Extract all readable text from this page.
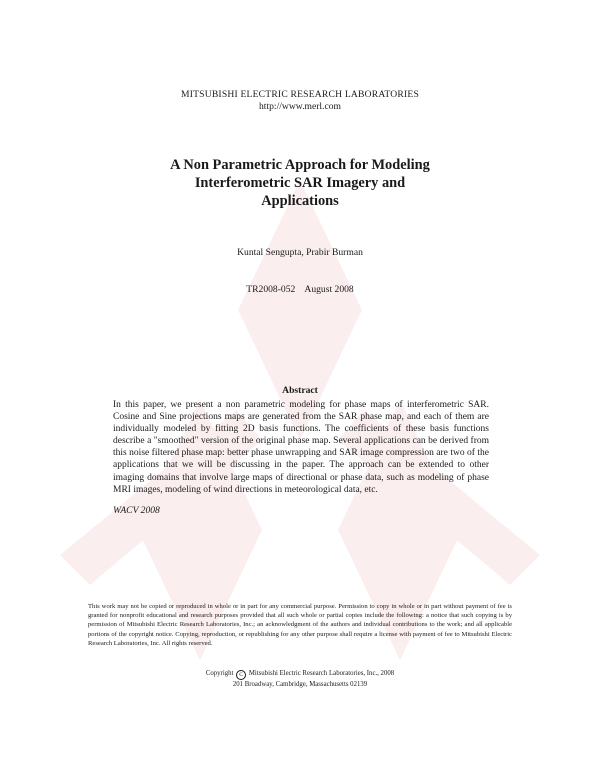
MITSUBISHI ELECTRIC RESEARCH LABORATORIES
http://www.merl.com
A Non Parametric Approach for Modeling
Interferometric SAR Imagery and
Applications
Kuntal Sengupta, Prabir Burman
TR2008-052 August 2008
Abstract
In this paper, we present a non parametric modeling for phase maps of interferometric SAR. Cosine and Sine projections maps are generated from the SAR phase map, and each of them are individually modeled by fitting 2D basis functions. The coefficients of these basis functions describe a "smoothed" version of the original phase map. Several applications can be derived from this noise filtered phase map: better phase unwrapping and SAR image compression are two of the applications that we will be discussing in the paper. The approach can be extended to other imaging domains that involve large maps of directional or phase data, such as modeling of phase MRI images, modeling of wind directions in meteorological data, etc.
WACV 2008
This work may not be copied or reproduced in whole or in part for any commercial purpose. Permission to copy in whole or in part without payment of fee is granted for nonprofit educational and research purposes provided that all such whole or partial copies include the following: a notice that such copying is by permission of Mitsubishi Electric Research Laboratories, Inc.; an acknowledgment of the authors and individual contributions to the work; and all applicable portions of the copyright notice. Copying, reproduction, or republishing for any other purpose shall require a license with payment of fee to Mitsubishi Electric Research Laboratories, Inc. All rights reserved.
Copyright C Mitsubishi Electric Research Laboratories, Inc., 2008
201 Broadway, Cambridge, Massachusetts 02139
